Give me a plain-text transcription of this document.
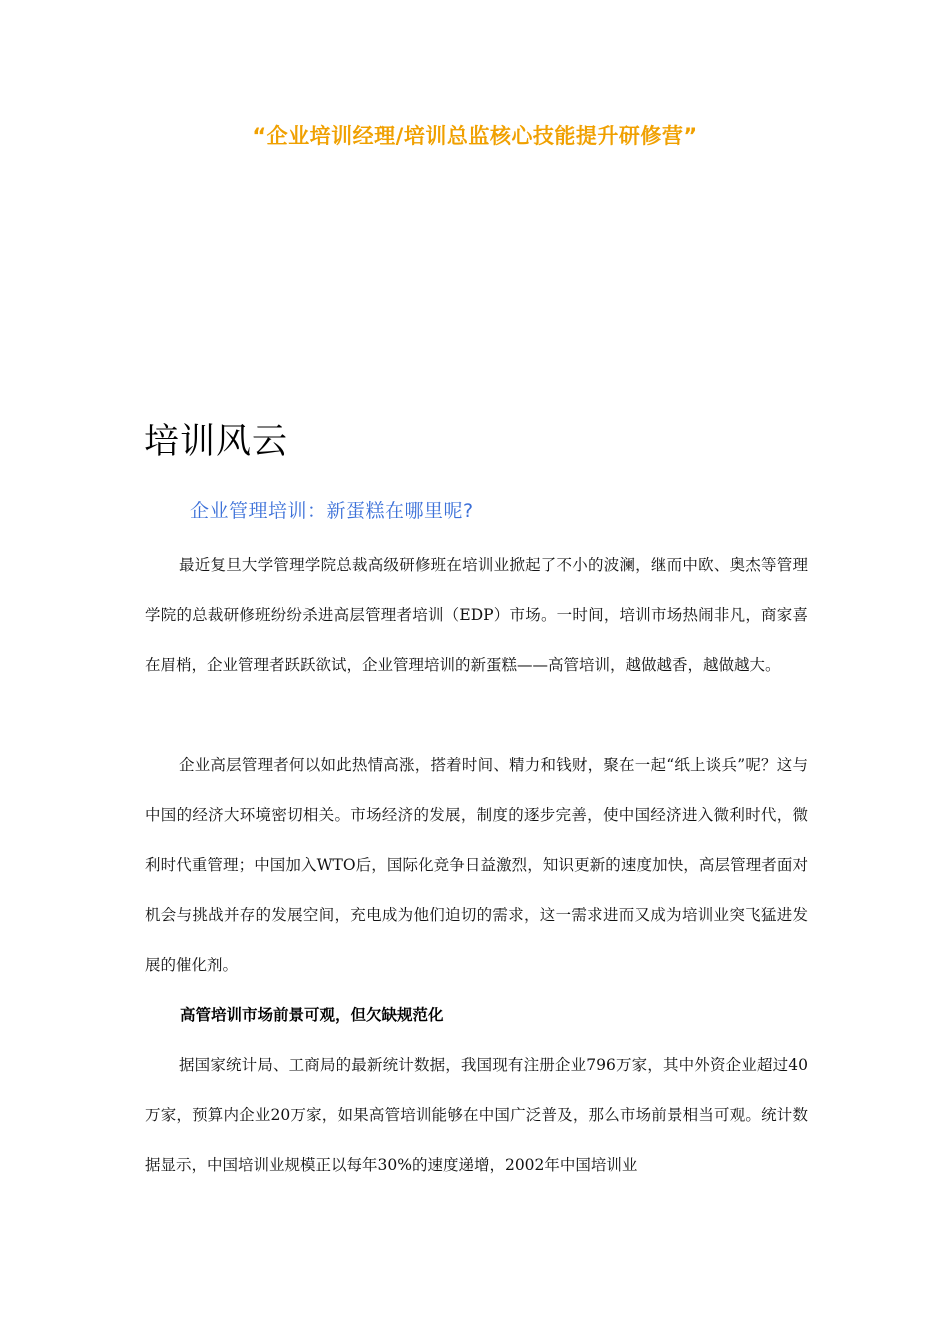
“企业培训经理/培训总监核心技能提升研修营”
培训风云
企业管理培训：新蛋糕在哪里呢?

最近复旦大学管理学院总裁高级研修班在培训业掀起了不小的波澜，继而中欧、奥杰等管理学院的总裁研修班纷纷杀进高层管理者培训（EDP）市场。一时间，培训市场热闹非凡，商家喜在眉梢，企业管理者跃跃欲试，企业管理培训的新蛋糕——高管培训，越做越香，越做越大。

企业高层管理者何以如此热情高涨，搭着时间、精力和钱财，聚在一起“纸上谈兵”呢？这与中国的经济大环境密切相关。市场经济的发展，制度的逐步完善，使中国经济进入微利时代，微利时代重管理；中国加入WTO后，国际化竞争日益激烈，知识更新的速度加快，高层管理者面对机会与挑战并存的发展空间，充电成为他们迫切的需求，这一需求进而又成为培训业突飞猛进发展的催化剂。

高管培训市场前景可观，但欠缺规范化

据国家统计局、工商局的最新统计数据，我国现有注册企业796万家，其中外资企业超过40万家，预算内企业20万家，如果高管培训能够在中国广泛普及，那么市场前景相当可观。统计数据显示，中国培训业规模正以每年30%的速度递增，2002年中国培训业
